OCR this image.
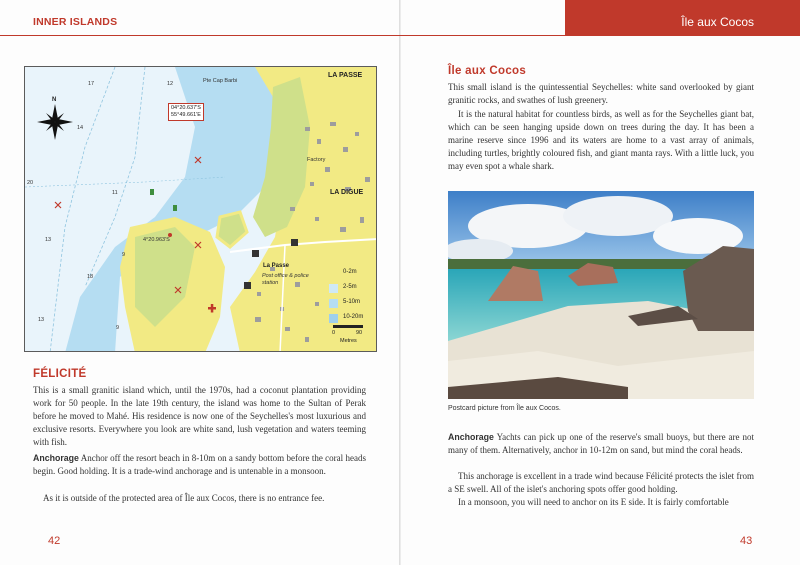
INNER ISLANDS	Île aux Cocos
LA PASSE
LA DIGUE
La Passe
Pte Cap Barbi
Factory
N
04°20.637'S
55°49.661'E
4°20.963'S
Post office & police station
17	12
20
14
13
18
11
9
13
9
0-2m
2-5m
5-10m
10-20m
0	90
Metres
FÉLICITÉ

This is a small granitic island which, until the 1970s, had a coconut plantation providing work for 50 people. In the late 19th century, the island was home to the Sultan of Perak before he moved to Mahé. His residence is now one of the Seychelles's most luxurious and exclusive resorts. Everywhere you look are white sand, lush vegetation and waters teeming with fish.

Anchorage Anchor off the resort beach in 8-10m on a sandy bottom before the coral heads begin. Good holding. It is a trade-wind anchorage and is untenable in a monsoon.

As it is outside of the protected area of Île aux Cocos, there is no entrance fee.

Île aux Cocos

This small island is the quintessential Seychelles: white sand overlooked by giant granitic rocks, and swathes of lush greenery.

It is the natural habitat for countless birds, as well as for the Seychelles giant bat, which can be seen hanging upside down on trees during the day. It has been a marine reserve since 1996 and its waters are home to a vast array of animals, including turtles, brightly coloured fish, and giant manta rays. With a little luck, you may even spot a whale shark.

Postcard picture from Île aux Cocos.

Anchorage Yachts can pick up one of the reserve's small buoys, but there are not many of them. Alternatively, anchor in 10-12m on sand, but mind the coral heads.

This anchorage is excellent in a trade wind because Félicité protects the islet from a SE swell. All of the islet's anchoring spots offer good holding.

In a monsoon, you will need to anchor on its E side. It is fairly comfortable

42	43
